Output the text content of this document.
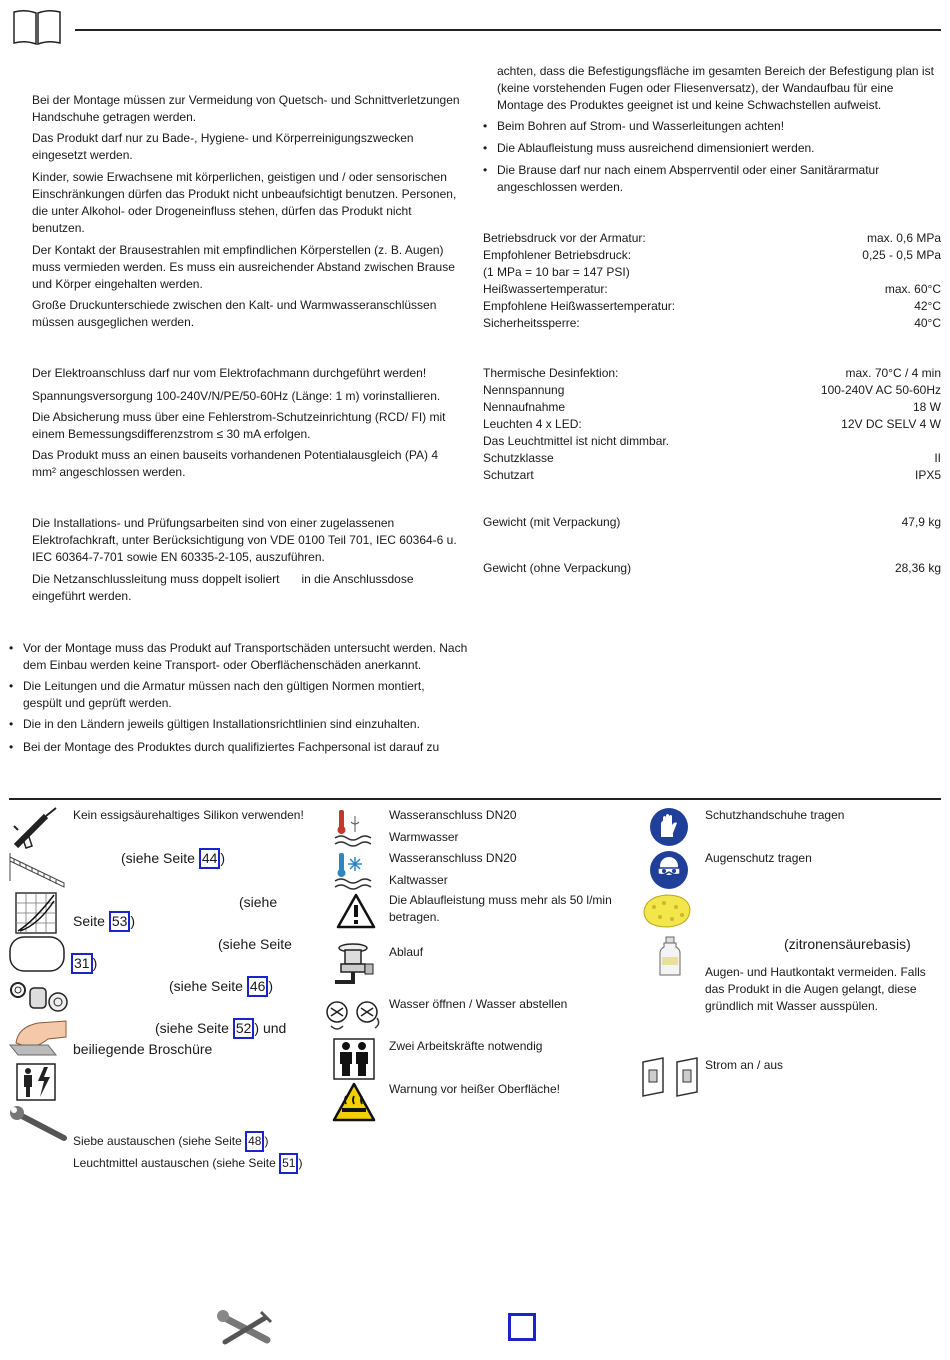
Bei der Montage müssen zur Vermeidung von Quetsch- und Schnittverletzungen Handschuhe getragen werden.

Das Produkt darf nur zu Bade-, Hygiene- und Körperreinigungszwecken eingesetzt werden.

Kinder, sowie Erwachsene mit körperlichen, geistigen und / oder sensorischen Einschränkungen dürfen das Produkt nicht unbeaufsichtigt benutzen. Personen, die unter Alkohol- oder Drogeneinfluss stehen, dürfen das Produkt nicht benutzen.

Der Kontakt der Brausestrahlen mit empfindlichen Körperstellen (z. B. Augen) muss vermieden werden. Es muss ein ausreichender Abstand zwischen Brause und Körper eingehalten werden.

Große Druckunterschiede zwischen den Kalt- und Warmwasseranschlüssen müssen ausgeglichen werden.

Der Elektroanschluss darf nur vom Elektrofachmann durchgeführt werden!

Spannungsversorgung 100-240V/N/PE/50-60Hz (Länge: 1 m) vorinstallieren.

Die Absicherung muss über eine Fehlerstrom-Schutzeinrichtung (RCD/ FI) mit einem Bemessungsdifferenzstrom ≤ 30 mA erfolgen.

Das Produkt muss an einen bauseits vorhandenen Potentialausgleich (PA) 4 mm² angeschlossen werden.

Die Installations- und Prüfungsarbeiten sind von einer zugelassenen Elektrofachkraft, unter Berücksichtigung von VDE 0100 Teil 701, IEC 60364-6 u. IEC 60364-7-701 sowie EN 60335-2-105, auszuführen.

Die Netzanschlussleitung muss doppelt isoliert in die Anschlussdose eingeführt werden.

• Vor der Montage muss das Produkt auf Transportschäden untersucht werden. Nach dem Einbau werden keine Transport- oder Oberflächenschäden anerkannt.

• Die Leitungen und die Armatur müssen nach den gültigen Normen montiert, gespült und geprüft werden.

• Die in den Ländern jeweils gültigen Installationsrichtlinien sind einzuhalten.

• Bei der Montage des Produktes durch qualifiziertes Fachpersonal ist darauf zu

achten, dass die Befestigungsfläche im gesamten Bereich der Befestigung plan ist (keine vorstehenden Fugen oder Fliesenversatz), der Wandaufbau für eine Montage des Produktes geeignet ist und keine Schwachstellen aufweist.

• Beim Bohren auf Strom- und Wasserleitungen achten!

• Die Ablaufleistung muss ausreichend dimensioniert werden.

• Die Brause darf nur nach einem Absperrventil oder einer Sanitärarmatur angeschlossen werden.

Betriebsdruck vor der Armatur:	max. 0,6 MPa
Empfohlener Betriebsdruck:	0,25 - 0,5 MPa
(1 MPa = 10 bar = 147 PSI)
Heißwassertemperatur:	max. 60°C
Empfohlene Heißwassertemperatur:	42°C
Sicherheitssperre:	40°C
Thermische Desinfektion:	max. 70°C / 4 min
Nennspannung	100-240V AC 50-60Hz
Nennaufnahme	18 W
Leuchten 4 x LED:	12V DC SELV 4 W
Das Leuchtmittel ist nicht dimmbar.
Schutzklasse	II
Schutzart	IPX5
Gewicht (mit Verpackung)	47,9 kg
Gewicht (ohne Verpackung)	28,36 kg

Kein essigsäurehaltiges Silikon verwenden!

(siehe Seite 44 )

(siehe

Seite 53 )

(siehe Seite

31 )

(siehe Seite 46 )

(siehe Seite 52 ) und

beiliegende Broschüre

Siebe austauschen (siehe Seite 48 )

Leuchtmittel austauschen (siehe Seite 51 )

Wasseranschluss DN20

Warmwasser

Wasseranschluss DN20

Kaltwasser

Die Ablaufleistung muss mehr als 50 l/min betragen.

Ablauf

Wasser öffnen / Wasser abstellen

Zwei Arbeitskräfte notwendig

Warnung vor heißer Oberfläche!

Schutzhandschuhe tragen

Augenschutz tragen

(zitronensäurebasis)

Augen- und Hautkontakt vermeiden. Falls das Produkt in die Augen gelangt, diese gründlich mit Wasser ausspülen.

Strom an / aus
